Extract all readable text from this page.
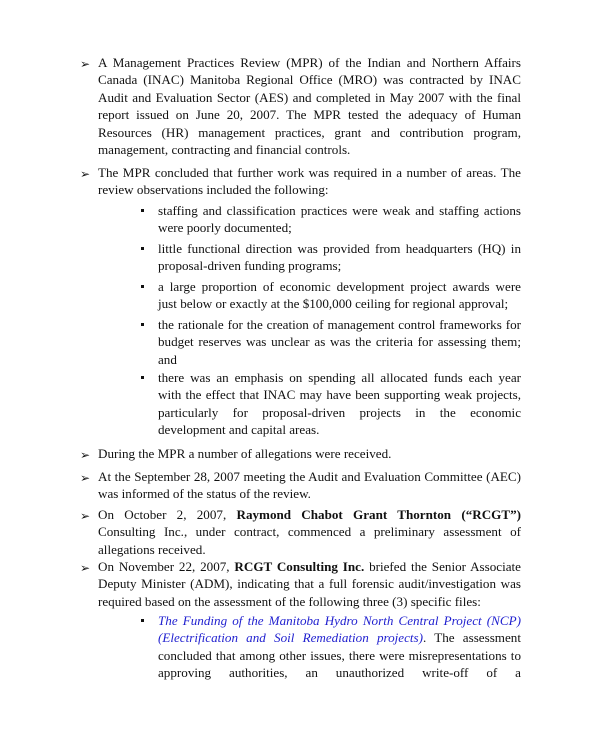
➢ A Management Practices Review (MPR) of the Indian and Northern Affairs Canada (INAC) Manitoba Regional Office (MRO) was contracted by INAC Audit and Evaluation Sector (AES) and completed in May 2007 with the final report issued on June 20, 2007. The MPR tested the adequacy of Human Resources (HR) management practices, grant and contribution program, management, contracting and financial controls.

➢ The MPR concluded that further work was required in a number of areas. The review observations included the following:

staffing and classification practices were weak and staffing actions were poorly documented;

little functional direction was provided from headquarters (HQ) in proposal-driven funding programs;

a large proportion of economic development project awards were just below or exactly at the $100,000 ceiling for regional approval;

the rationale for the creation of management control frameworks for budget reserves was unclear as was the criteria for assessing them; and

there was an emphasis on spending all allocated funds each year with the effect that INAC may have been supporting weak projects, particularly for proposal-driven projects in the economic development and capital areas.

➢ During the MPR a number of allegations were received.

➢ At the September 28, 2007 meeting the Audit and Evaluation Committee (AEC) was informed of the status of the review.

➢ On October 2, 2007, Raymond Chabot Grant Thornton (“RCGT”) Consulting Inc., under contract, commenced a preliminary assessment of allegations received.

➢ On November 22, 2007, RCGT Consulting Inc. briefed the Senior Associate Deputy Minister (ADM), indicating that a full forensic audit/investigation was required based on the assessment of the following three (3) specific files:

The Funding of the Manitoba Hydro North Central Project (NCP) (Electrification and Soil Remediation projects). The assessment concluded that among other issues, there were misrepresentations to approving authorities, an unauthorized write-off of a
